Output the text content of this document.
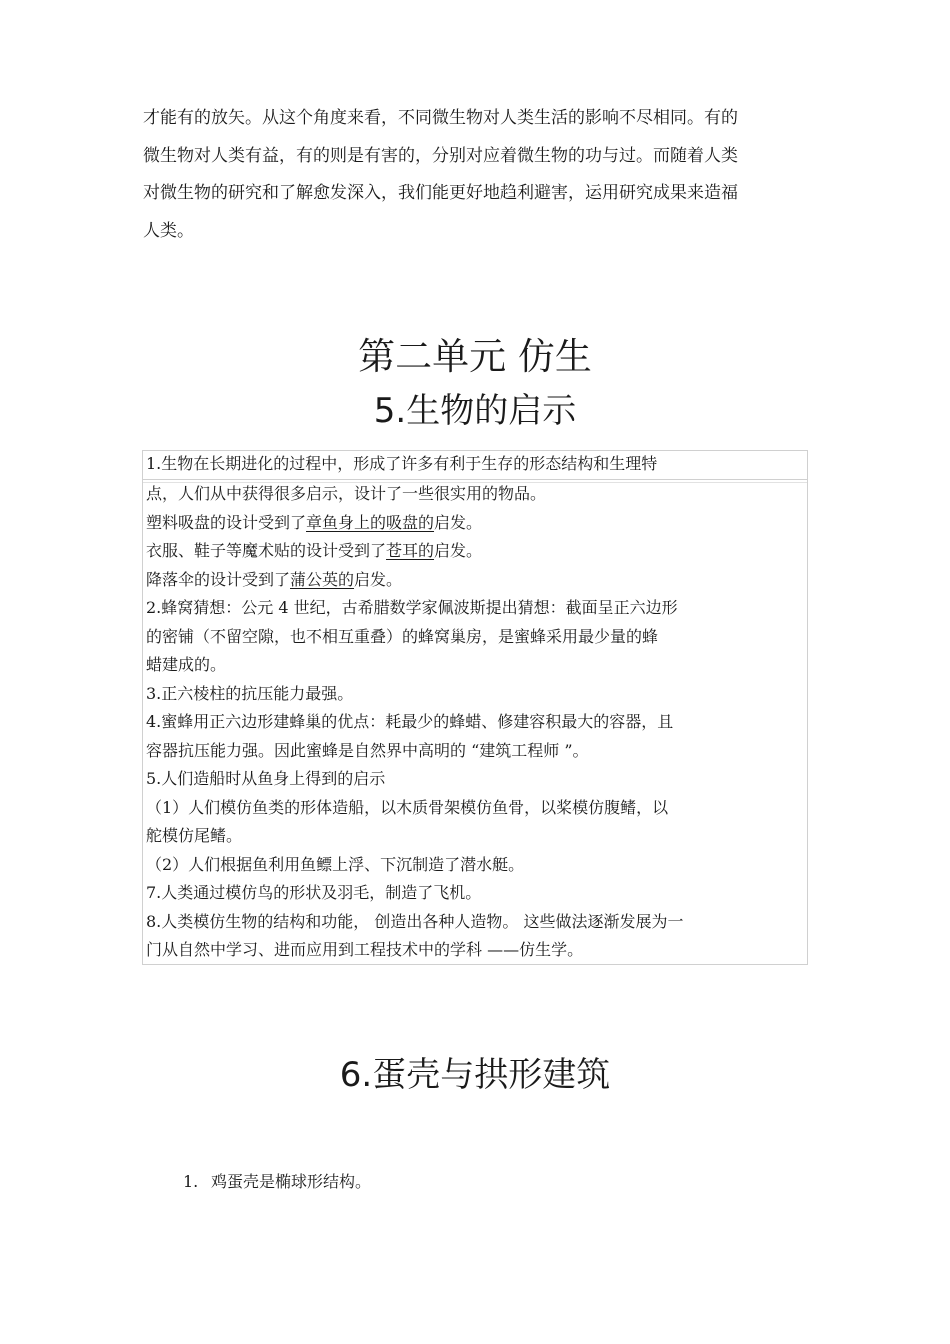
才能有的放矢。从这个角度来看，不同微生物对人类生活的影响不尽相同。有的

微生物对人类有益，有的则是有害的，分别对应着微生物的功与过。而随着人类

对微生物的研究和了解愈发深入，我们能更好地趋利避害，运用研究成果来造福

人类。

第二单元 仿生
5.生物的启示
1.生物在长期进化的过程中，形成了许多有利于生存的形态结构和生理特
点，人们从中获得很多启示，设计了一些很实用的物品。
塑料吸盘的设计受到了章鱼身上的吸盘的启发。
衣服、鞋子等魔术贴的设计受到了苍耳的启发。
降落伞的设计受到了蒲公英的启发。
2.蜂窝猜想：公元 4 世纪，古希腊数学家佩波斯提出猜想：截面呈正六边形
的密铺（不留空隙，也不相互重叠）的蜂窝巢房，是蜜蜂采用最少量的蜂
蜡建成的。
3.正六棱柱的抗压能力最强。
4.蜜蜂用正六边形建蜂巢的优点：耗最少的蜂蜡、修建容积最大的容器，且
容器抗压能力强。因此蜜蜂是自然界中高明的 “建筑工程师 ”。
5.人们造船时从鱼身上得到的启示
（1）人们模仿鱼类的形体造船，以木质骨架模仿鱼骨，以桨模仿腹鳍，以
舵模仿尾鳍。
（2）人们根据鱼利用鱼鳔上浮、下沉制造了潜水艇。
7.人类通过模仿鸟的形状及羽毛，制造了飞机。
8.人类模仿生物的结构和功能， 创造出各种人造物。 这些做法逐渐发展为一
门从自然中学习、进而应用到工程技术中的学科 ——仿生学。
6.蛋壳与拱形建筑
1. 鸡蛋壳是椭球形结构。
